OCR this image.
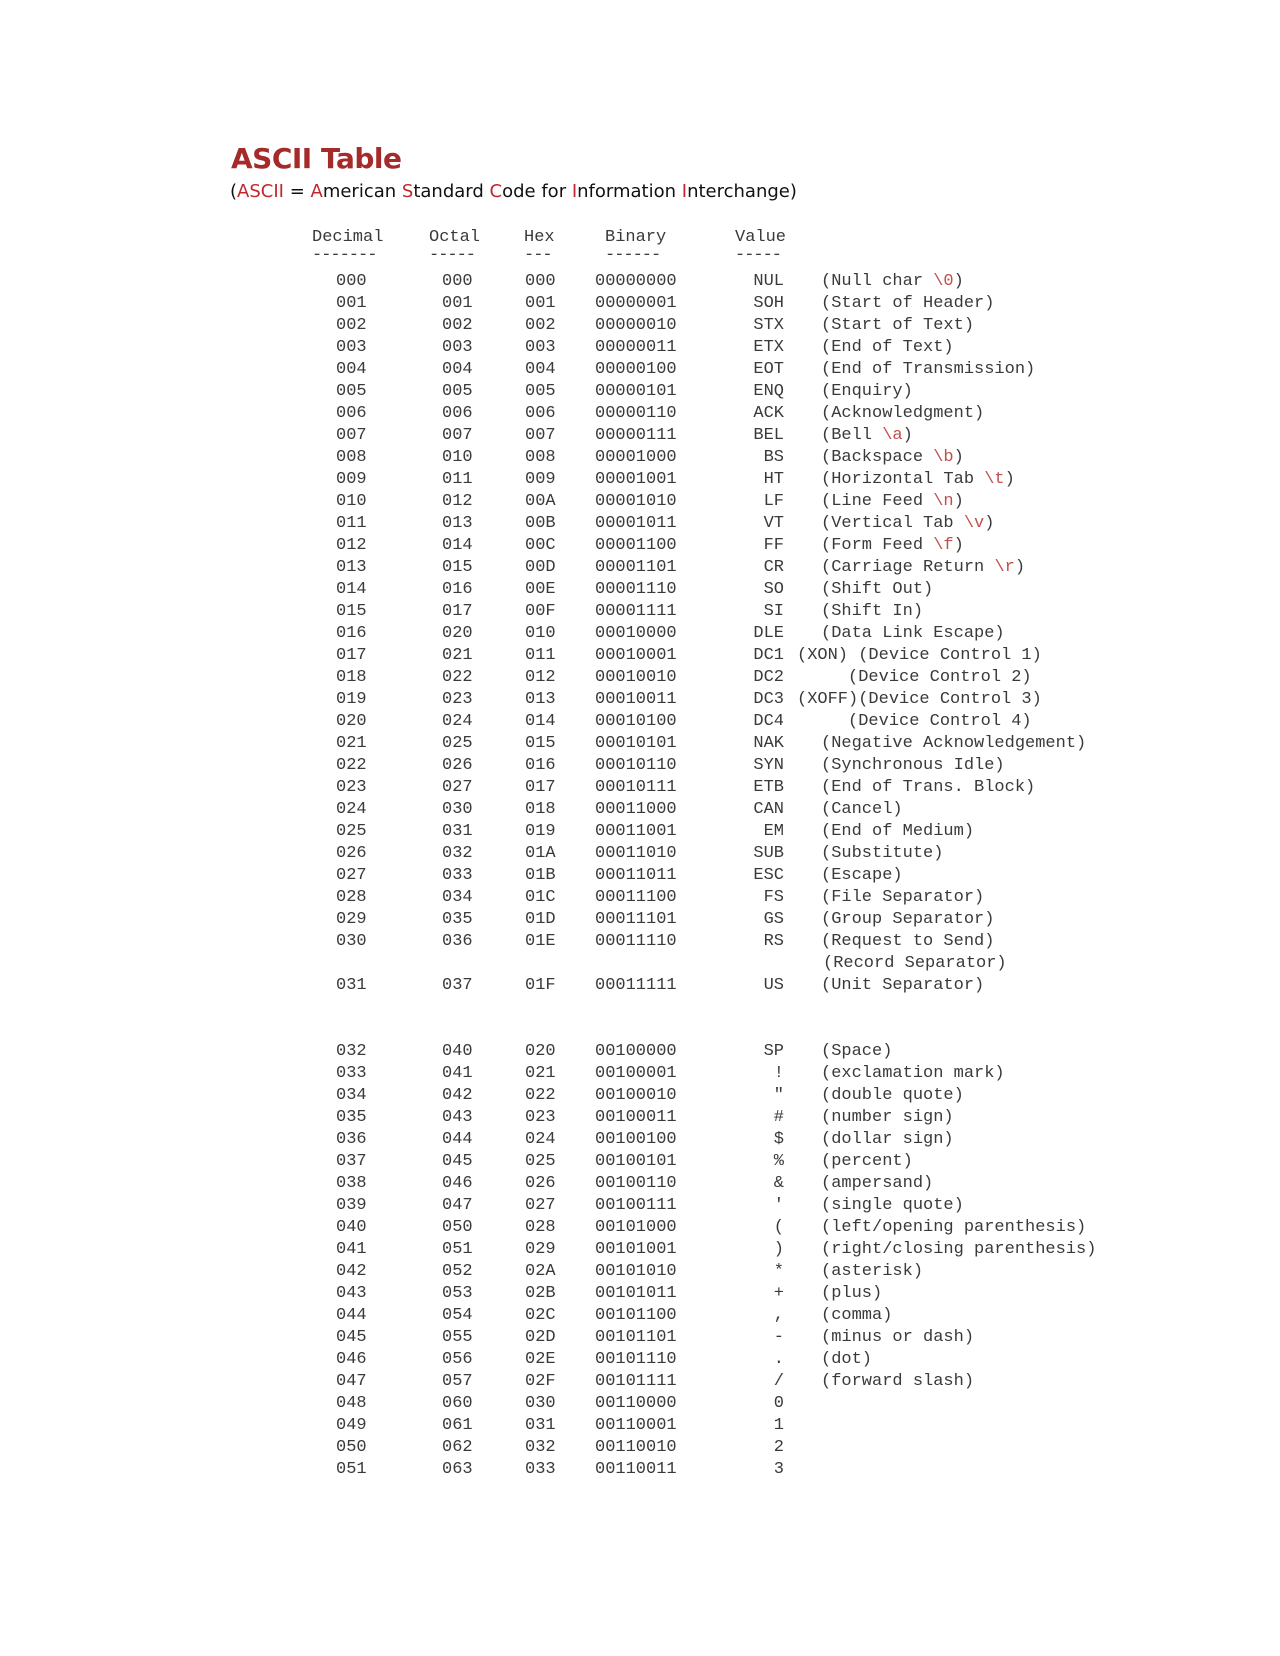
ASCII Table
(ASCII = American Standard Code for Information Interchange)
Decimal	Octal	Hex	Binary	Value
-------	-----	---	------	-----
000	000	000 00000000	NUL (Null char \0)
001	001	001 00000001	SOH (Start of Header)
002	002	002 00000010	STX (Start of Text)
003	003	003 00000011	ETX (End of Text)
004	004	004 00000100	EOT (End of Transmission)
005	005	005 00000101	ENQ (Enquiry)
006	006	006 00000110	ACK (Acknowledgment)
007	007	007 00000111	BEL (Bell \a)
008	010	008 00001000	BS (Backspace \b)
009	011	009 00001001	HT (Horizontal Tab \t)
010	012	00A 00001010	LF (Line Feed \n)
011	013	00B 00001011	VT (Vertical Tab \v)
012	014	00C 00001100	FF (Form Feed \f)
013	015	00D 00001101	CR (Carriage Return \r)
014	016	00E 00001110	SO (Shift Out)
015	017	00F 00001111	SI (Shift In)
016	020	010 00010000	DLE (Data Link Escape)
017	021	011 00010001	DC1 (XON) (Device Control 1)
018	022	012 00010010	DC2 (Device Control 2)
019	023	013 00010011	DC3 (XOFF)(Device Control 3)
020	024	014 00010100	DC4 (Device Control 4)
021	025	015 00010101	NAK (Negative Acknowledgement)
022	026	016 00010110	SYN (Synchronous Idle)
023	027	017 00010111	ETB (End of Trans. Block)
024	030	018 00011000	CAN (Cancel)
025	031	019 00011001	EM (End of Medium)
026	032	01A 00011010	SUB (Substitute)
027	033	01B 00011011	ESC (Escape)
028	034	01C 00011100	FS (File Separator)
029	035	01D 00011101	GS (Group Separator)
030	036	01E 00011110	RS (Request to Send)
(Record Separator)
031	037	01F 00011111	US (Unit Separator)
032	040	020 00100000	SP (Space)
033	041	021 00100001	! (exclamation mark)
034	042	022 00100010	" (double quote)
035	043	023 00100011	# (number sign)
036	044	024 00100100	$ (dollar sign)
037	045	025 00100101	% (percent)
038	046	026 00100110	& (ampersand)
039	047	027 00100111	' (single quote)
040	050	028 00101000	( (left/opening parenthesis)
041	051	029 00101001	) (right/closing parenthesis)
042	052	02A 00101010	* (asterisk)
043	053	02B 00101011	+ (plus)
044	054	02C 00101100	, (comma)
045	055	02D 00101101	- (minus or dash)
046	056	02E 00101110	. (dot)
047	057	02F 00101111	/ (forward slash)
048	060	030 00110000	0
049	061	031 00110001	1
050	062	032 00110010	2
051	063	033 00110011	3
